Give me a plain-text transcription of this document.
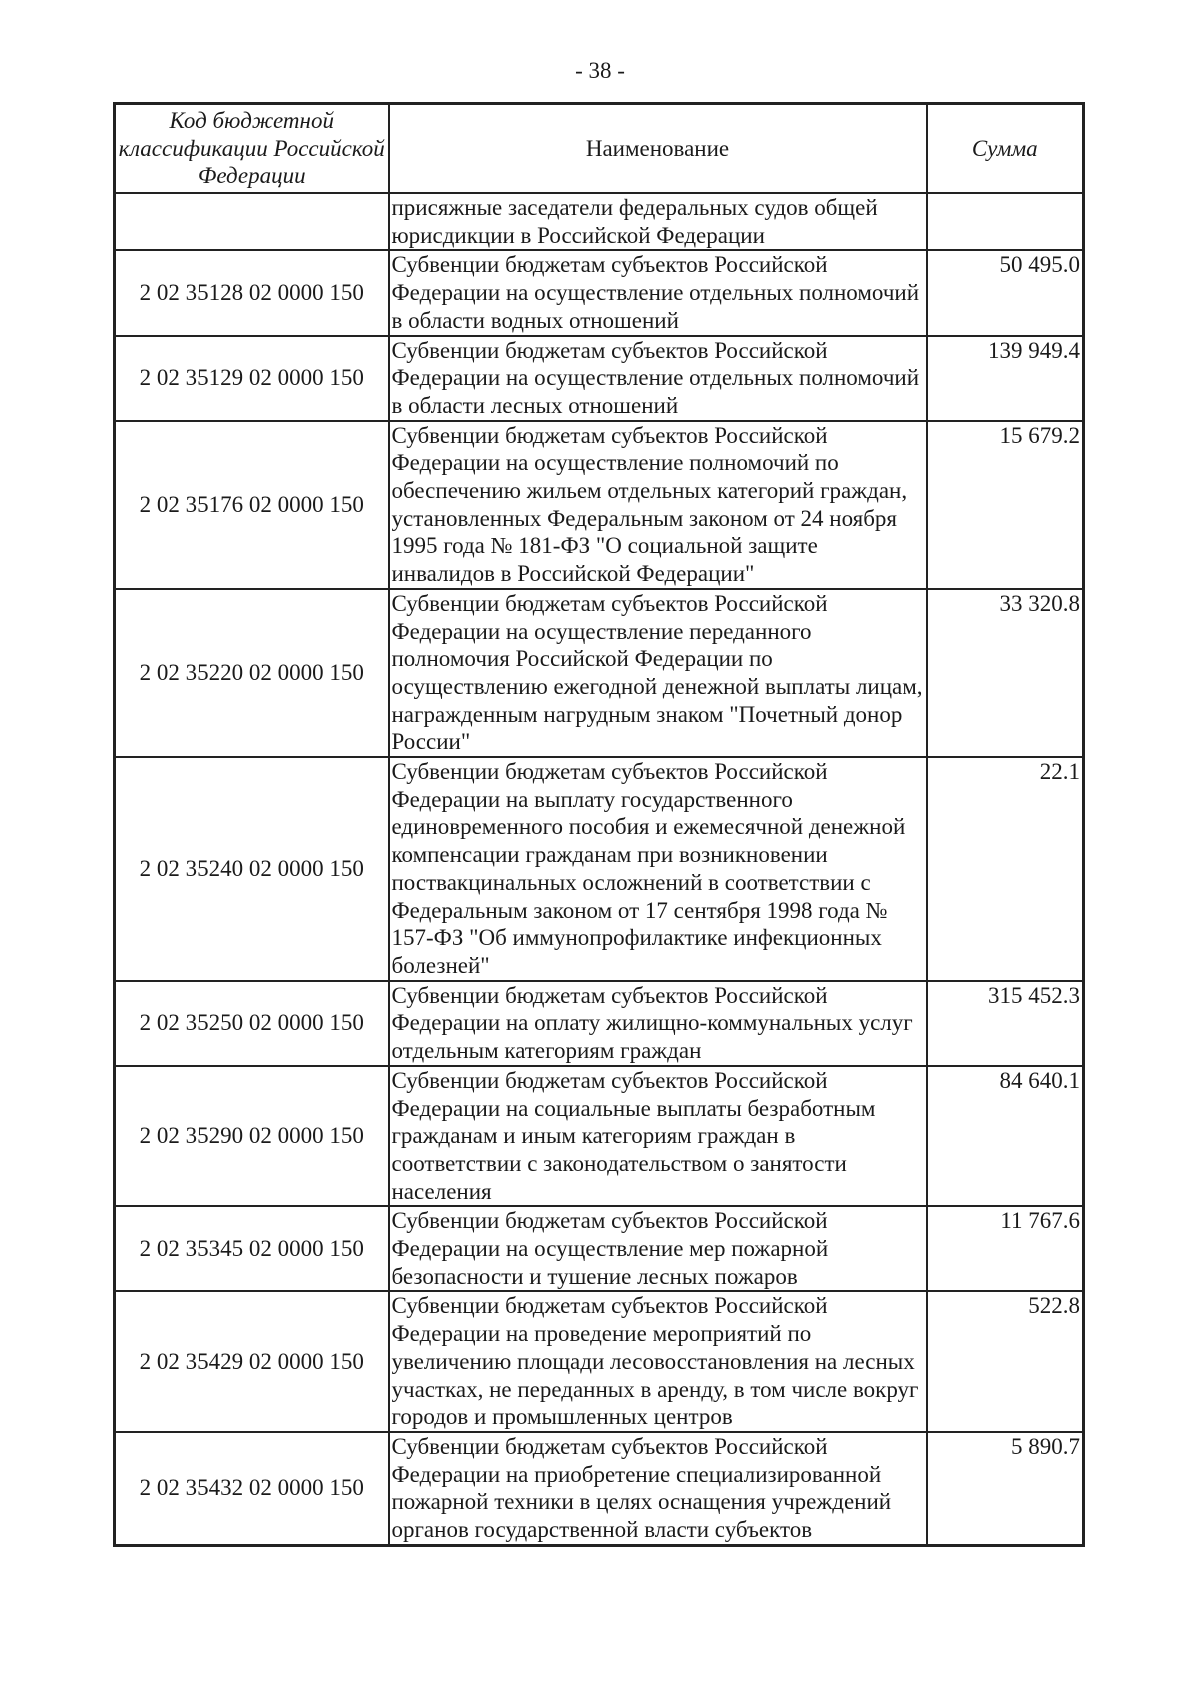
- 38 -
Код бюджетной классификации Российской Федерации	Наименование	Сумма
	присяжные заседатели федеральных судов общей юрисдикции в Российской Федерации	
2 02 35128 02 0000 150	Субвенции бюджетам субъектов Российской Федерации на осуществление отдельных полномочий в области водных отношений	50 495.0
2 02 35129 02 0000 150	Субвенции бюджетам субъектов Российской Федерации на осуществление отдельных полномочий в области лесных отношений	139 949.4
2 02 35176 02 0000 150	Субвенции бюджетам субъектов Российской Федерации на осуществление полномочий по обеспечению жильем отдельных категорий граждан, установленных Федеральным законом от 24 ноября 1995 года № 181-ФЗ "О социальной защите инвалидов в Российской Федерации"	15 679.2
2 02 35220 02 0000 150	Субвенции бюджетам субъектов Российской Федерации на осуществление переданного полномочия Российской Федерации по осуществлению ежегодной денежной выплаты лицам, награжденным нагрудным знаком "Почетный донор России"	33 320.8
2 02 35240 02 0000 150	Субвенции бюджетам субъектов Российской Федерации на выплату государственного единовременного пособия и ежемесячной денежной компенсации гражданам при возникновении поствакцинальных осложнений в соответствии с Федеральным законом от 17 сентября 1998 года № 157-ФЗ "Об иммунопрофилактике инфекционных болезней"	22.1
2 02 35250 02 0000 150	Субвенции бюджетам субъектов Российской Федерации на оплату жилищно-коммунальных услуг отдельным категориям граждан	315 452.3
2 02 35290 02 0000 150	Субвенции бюджетам субъектов Российской Федерации на социальные выплаты безработным гражданам и иным категориям граждан в соответствии с законодательством о занятости населения	84 640.1
2 02 35345 02 0000 150	Субвенции бюджетам субъектов Российской Федерации на осуществление мер пожарной безопасности и тушение лесных пожаров	11 767.6
2 02 35429 02 0000 150	Субвенции бюджетам субъектов Российской Федерации на проведение мероприятий по увеличению площади лесовосстановления на лесных участках, не переданных в аренду, в том числе вокруг городов и промышленных центров	522.8
2 02 35432 02 0000 150	Субвенции бюджетам субъектов Российской Федерации на приобретение специализированной пожарной техники в целях оснащения учреждений органов государственной власти субъектов	5 890.7
